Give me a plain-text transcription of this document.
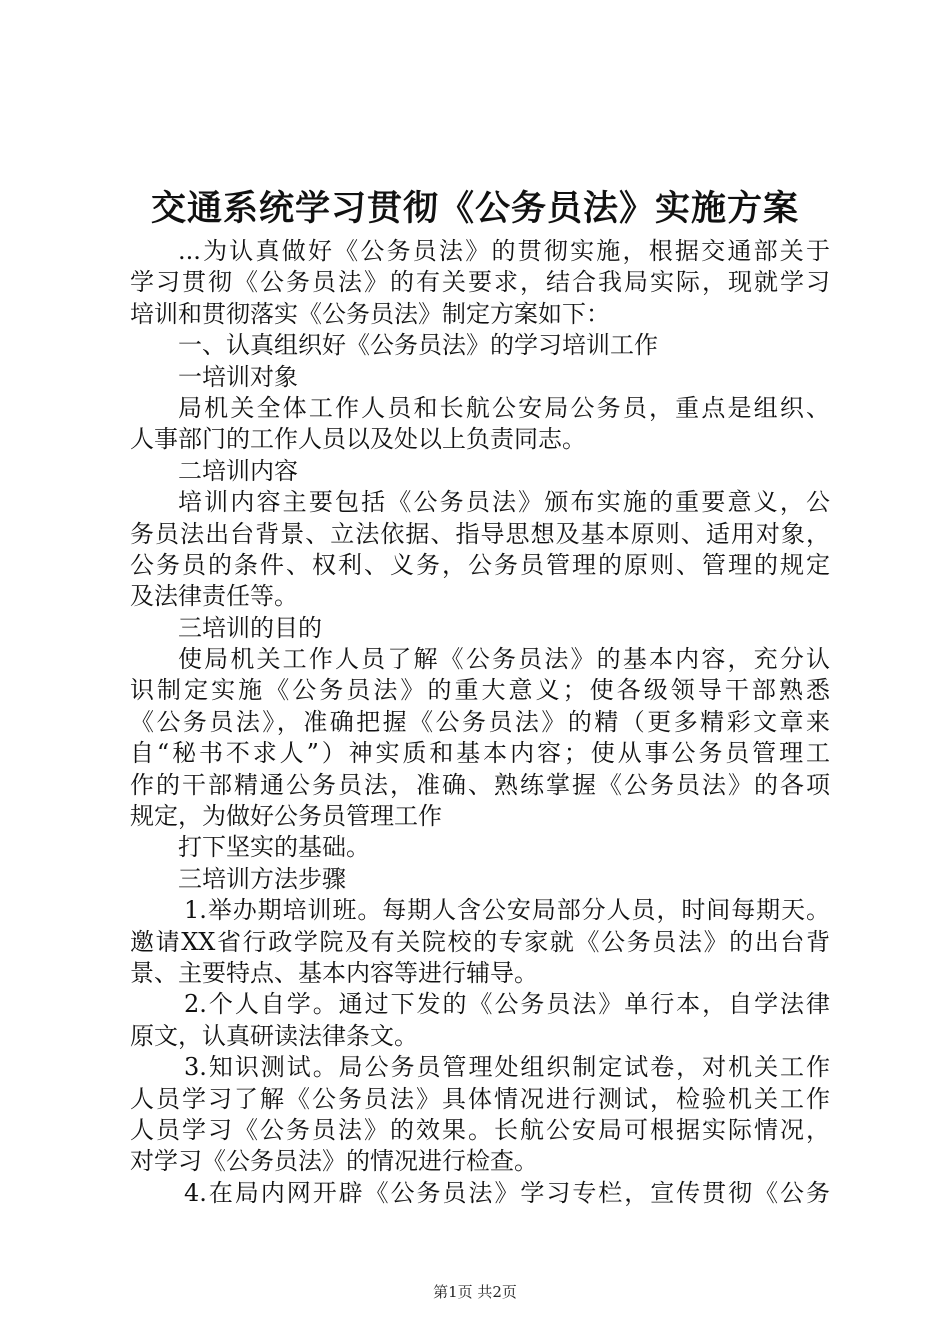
交通系统学习贯彻《公务员法》实施方案
...为认真做好《公务员法》的贯彻实施，根据交通部关于
学习贯彻《公务员法》的有关要求，结合我局实际，现就学习
培训和贯彻落实《公务员法》制定方案如下：
一、认真组织好《公务员法》的学习培训工作
一培训对象
局机关全体工作人员和长航公安局公务员，重点是组织、
人事部门的工作人员以及处以上负责同志。
二培训内容
培训内容主要包括《公务员法》颁布实施的重要意义，公
务员法出台背景、立法依据、指导思想及基本原则、适用对象，
公务员的条件、权利、义务，公务员管理的原则、管理的规定
及法律责任等。
三培训的目的
使局机关工作人员了解《公务员法》的基本内容，充分认
识制定实施《公务员法》的重大意义；使各级领导干部熟悉
《公务员法》，准确把握《公务员法》的精（更多精彩文章来
自“秘书不求人”）神实质和基本内容；使从事公务员管理工
作的干部精通公务员法，准确、熟练掌握《公务员法》的各项
规定，为做好公务员管理工作
打下坚实的基础。
三培训方法步骤
1.举办期培训班。每期人含公安局部分人员，时间每期天。
邀请XX省行政学院及有关院校的专家就《公务员法》的出台背
景、主要特点、基本内容等进行辅导。
2.个人自学。通过下发的《公务员法》单行本，自学法律
原文，认真研读法律条文。
3.知识测试。局公务员管理处组织制定试卷，对机关工作
人员学习了解《公务员法》具体情况进行测试，检验机关工作
人员学习《公务员法》的效果。长航公安局可根据实际情况，
对学习《公务员法》的情况进行检查。
4.在局内网开辟《公务员法》学习专栏，宣传贯彻《公务
第1页 共2页
